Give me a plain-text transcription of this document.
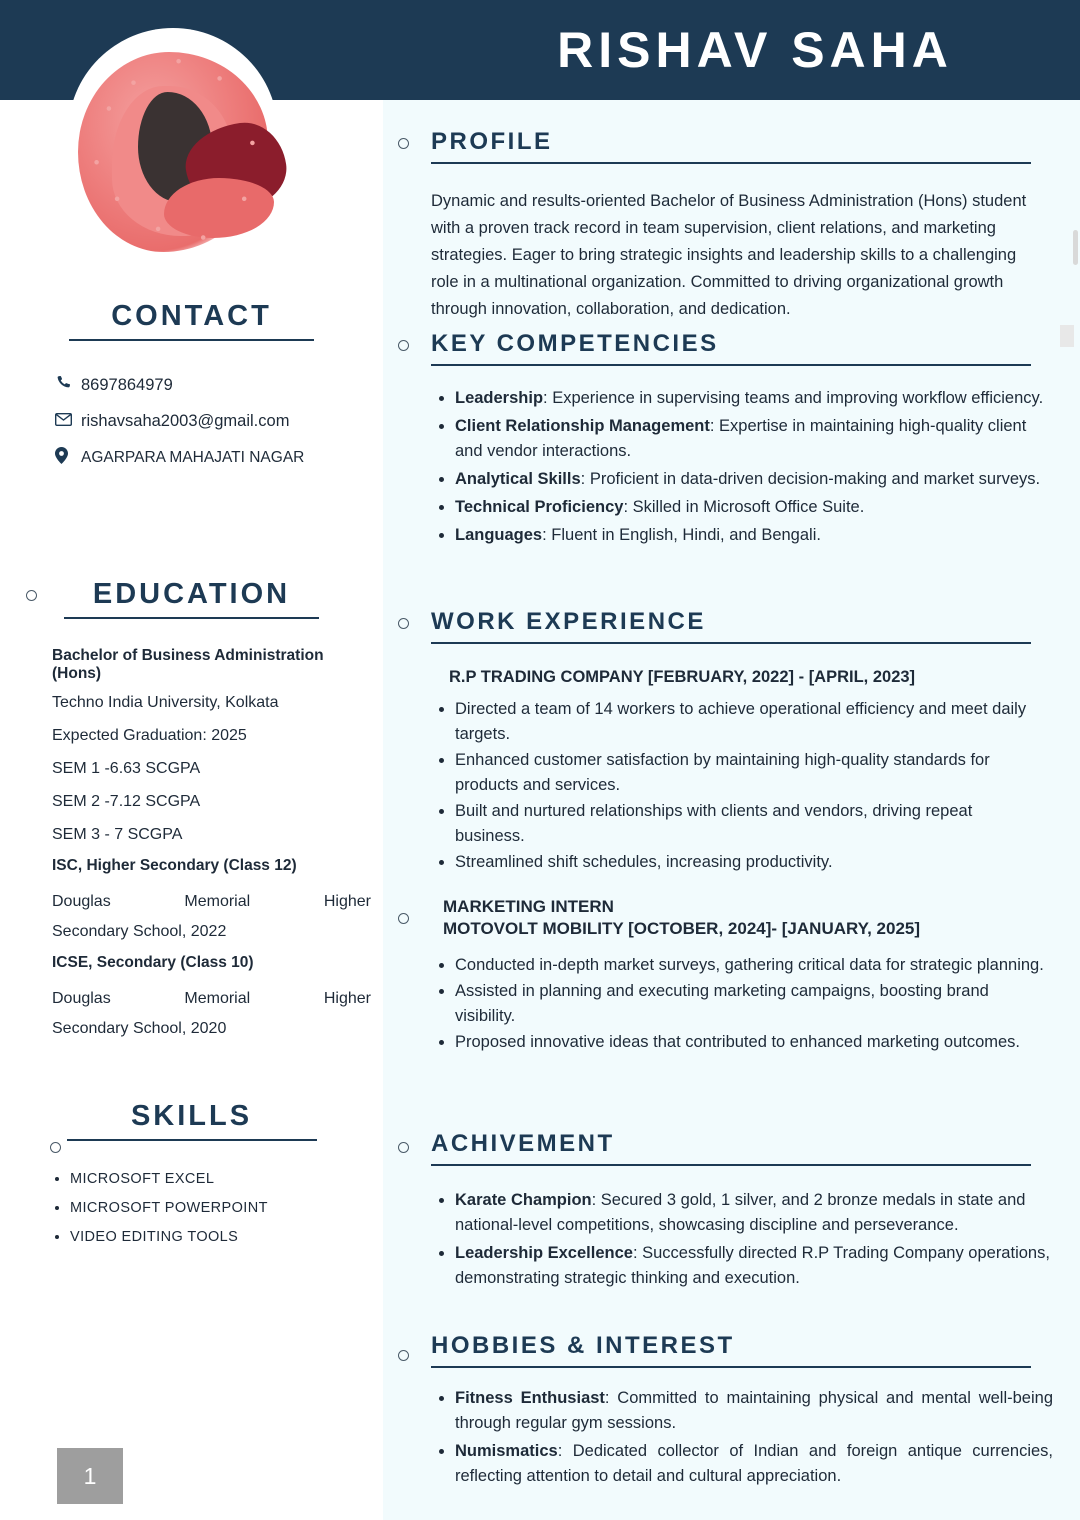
RISHAV SAHA
CONTACT
8697864979
rishavsaha2003@gmail.com
AGARPARA MAHAJATI NAGAR
EDUCATION
Bachelor of Business Administration (Hons)
Techno India University, Kolkata
Expected Graduation: 2025
SEM 1 -6.63 SCGPA
SEM 2 -7.12 SCGPA
SEM 3 - 7 SCGPA
ISC, Higher Secondary (Class 12)
Douglas Memorial Higher
Secondary School, 2022
ICSE, Secondary (Class 10)
Douglas Memorial Higher
Secondary School, 2020
SKILLS
• MICROSOFT EXCEL
• MICROSOFT POWERPOINT
• VIDEO EDITING TOOLS
1
PROFILE

Dynamic and results-oriented Bachelor of Business Administration (Hons) student with a proven track record in team supervision, client relations, and marketing strategies. Eager to bring strategic insights and leadership skills to a challenging role in a multinational organization. Committed to driving organizational growth through innovation, collaboration, and dedication.

KEY COMPETENCIES
• Leadership: Experience in supervising teams and improving workflow efficiency.
• Client Relationship Management: Expertise in maintaining high-quality client and vendor interactions.
• Analytical Skills: Proficient in data-driven decision-making and market surveys.
• Technical Proficiency: Skilled in Microsoft Office Suite.
• Languages: Fluent in English, Hindi, and Bengali.
WORK EXPERIENCE
R.P TRADING COMPANY [FEBRUARY, 2022] - [APRIL, 2023]
• Directed a team of 14 workers to achieve operational efficiency and meet daily targets.
• Enhanced customer satisfaction by maintaining high-quality standards for products and services.
• Built and nurtured relationships with clients and vendors, driving repeat business.
• Streamlined shift schedules, increasing productivity.
MARKETING INTERN
MOTOVOLT MOBILITY [OCTOBER, 2024]- [JANUARY, 2025]
• Conducted in-depth market surveys, gathering critical data for strategic planning.
• Assisted in planning and executing marketing campaigns, boosting brand visibility.
• Proposed innovative ideas that contributed to enhanced marketing outcomes.
ACHIVEMENT
• Karate Champion: Secured 3 gold, 1 silver, and 2 bronze medals in state and national-level competitions, showcasing discipline and perseverance.
• Leadership Excellence: Successfully directed R.P Trading Company operations, demonstrating strategic thinking and execution.
HOBBIES & INTEREST
• Fitness Enthusiast: Committed to maintaining physical and mental well-being through regular gym sessions.
• Numismatics: Dedicated collector of Indian and foreign antique currencies, reflecting attention to detail and cultural appreciation.
